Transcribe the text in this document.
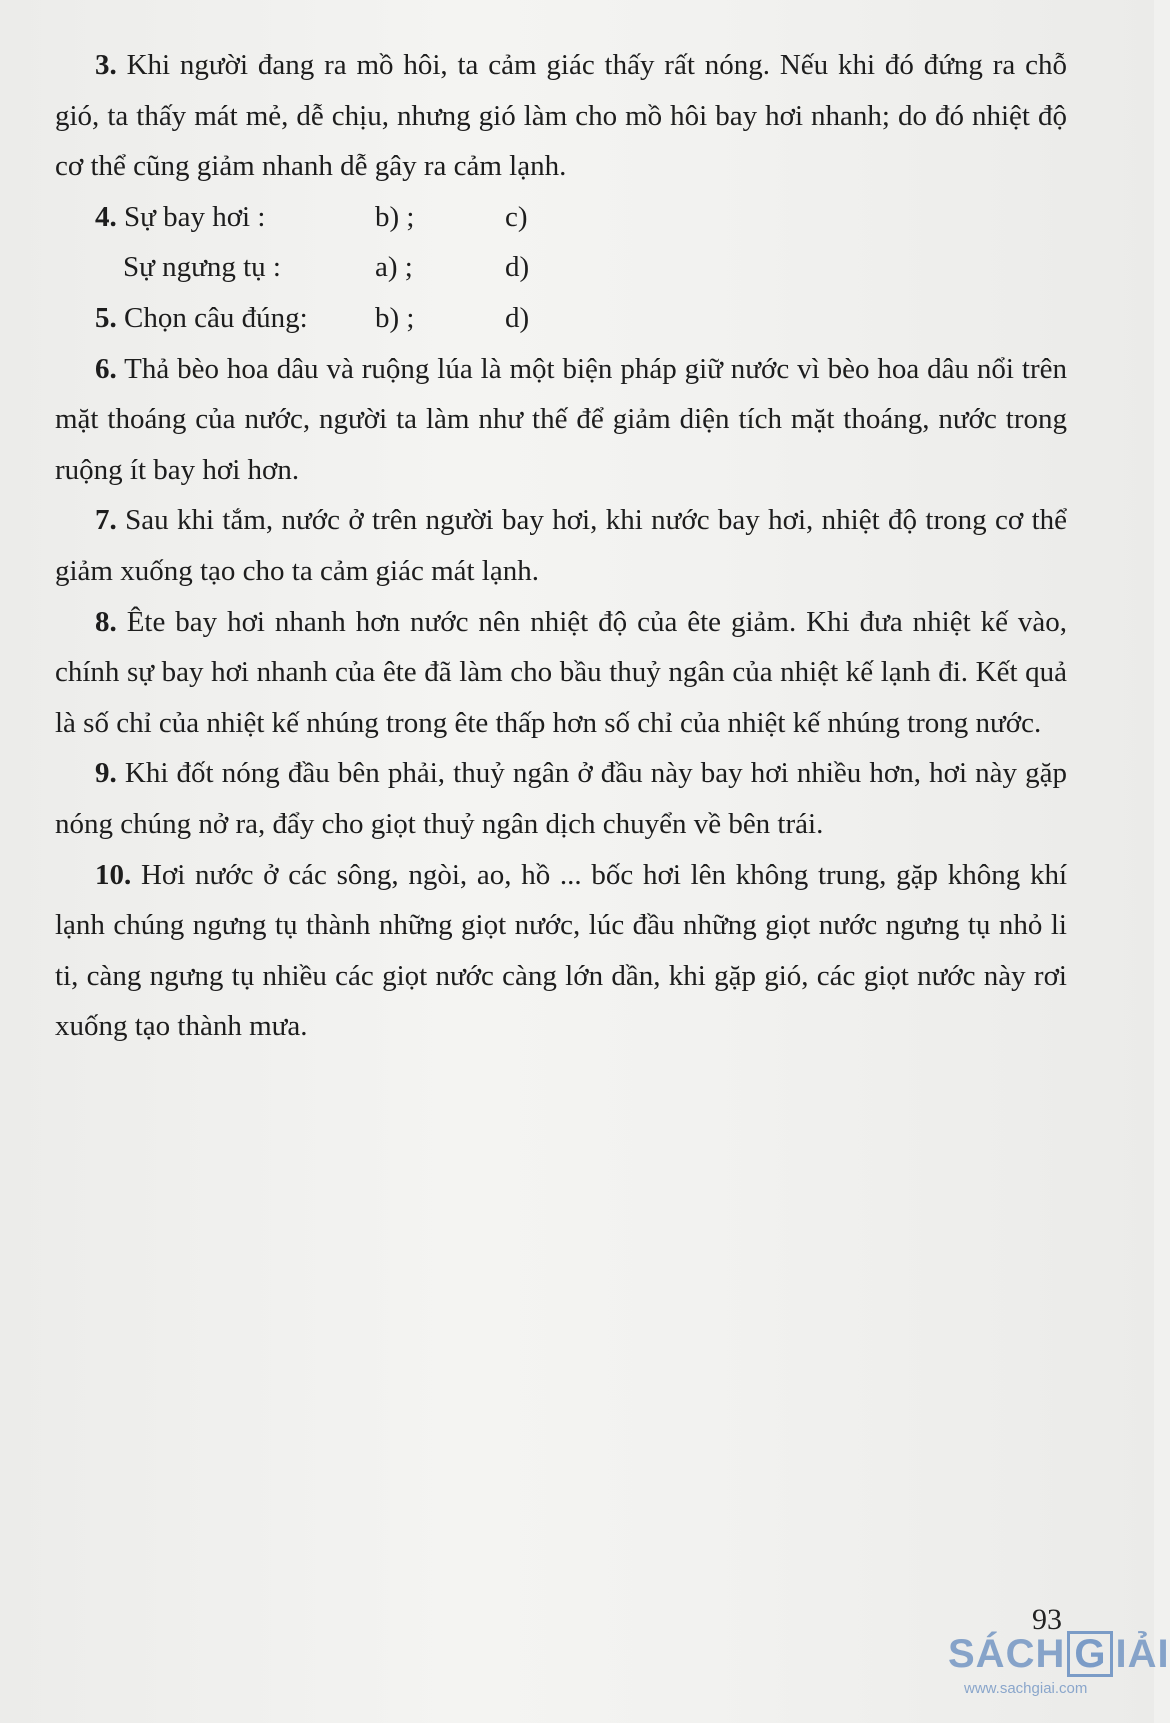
3. Khi người đang ra mồ hôi, ta cảm giác thấy rất nóng. Nếu khi đó đứng ra chỗ gió, ta thấy mát mẻ, dễ chịu, nhưng gió làm cho mồ hôi bay hơi nhanh; do đó nhiệt độ cơ thể cũng giảm nhanh dễ gây ra cảm lạnh.

4. Sự bay hơi :	b) ;	c)
Sự ngưng tụ :	a) ;	d)
5. Chọn câu đúng:	b) ;	d)

6. Thả bèo hoa dâu và ruộng lúa là một biện pháp giữ nước vì bèo hoa dâu nổi trên mặt thoáng của nước, người ta làm như thế để giảm diện tích mặt thoáng, nước trong ruộng ít bay hơi hơn.

7. Sau khi tắm, nước ở trên người bay hơi, khi nước bay hơi, nhiệt độ trong cơ thể giảm xuống tạo cho ta cảm giác mát lạnh.

8. Ête bay hơi nhanh hơn nước nên nhiệt độ của ête giảm. Khi đưa nhiệt kế vào, chính sự bay hơi nhanh của ête đã làm cho bầu thuỷ ngân của nhiệt kế lạnh đi. Kết quả là số chỉ của nhiệt kế nhúng trong ête thấp hơn số chỉ của nhiệt kế nhúng trong nước.

9. Khi đốt nóng đầu bên phải, thuỷ ngân ở đầu này bay hơi nhiều hơn, hơi này gặp nóng chúng nở ra, đẩy cho giọt thuỷ ngân dịch chuyển về bên trái.

10. Hơi nước ở các sông, ngòi, ao, hồ ... bốc hơi lên không trung, gặp không khí lạnh chúng ngưng tụ thành những giọt nước, lúc đầu những giọt nước ngưng tụ nhỏ li ti, càng ngưng tụ nhiều các giọt nước càng lớn dần, khi gặp gió, các giọt nước này rơi xuống tạo thành mưa.

93
SÁCH G IẢI
www.sachgiai.com
